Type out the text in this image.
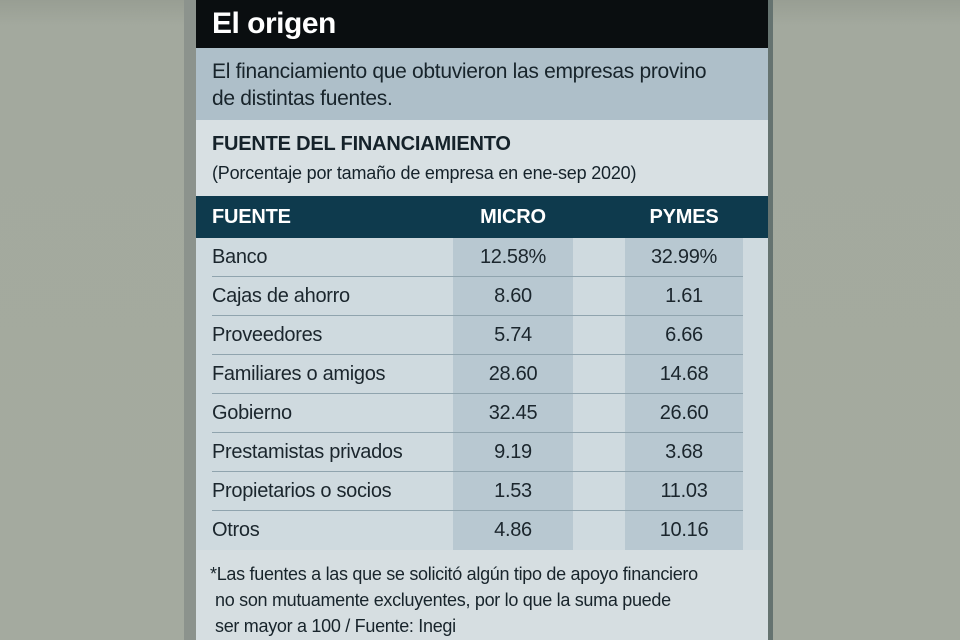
El origen
El financiamiento que obtuvieron las empresas provino
de distintas fuentes.
FUENTE DEL FINANCIAMIENTO
(Porcentaje por tamaño de empresa en ene-sep 2020)
FUENTE	MICRO	PYMES
Banco	12.58%	32.99%
Cajas de ahorro	8.60	1.61
Proveedores	5.74	6.66
Familiares o amigos	28.60	14.68
Gobierno	32.45	26.60
Prestamistas privados	9.19	3.68
Propietarios o socios	1.53	11.03
Otros	4.86	10.16
*Las fuentes a las que se solicitó algún tipo de apoyo financiero
no son mutuamente excluyentes, por lo que la suma puede
ser mayor a 100 / Fuente: Inegi
